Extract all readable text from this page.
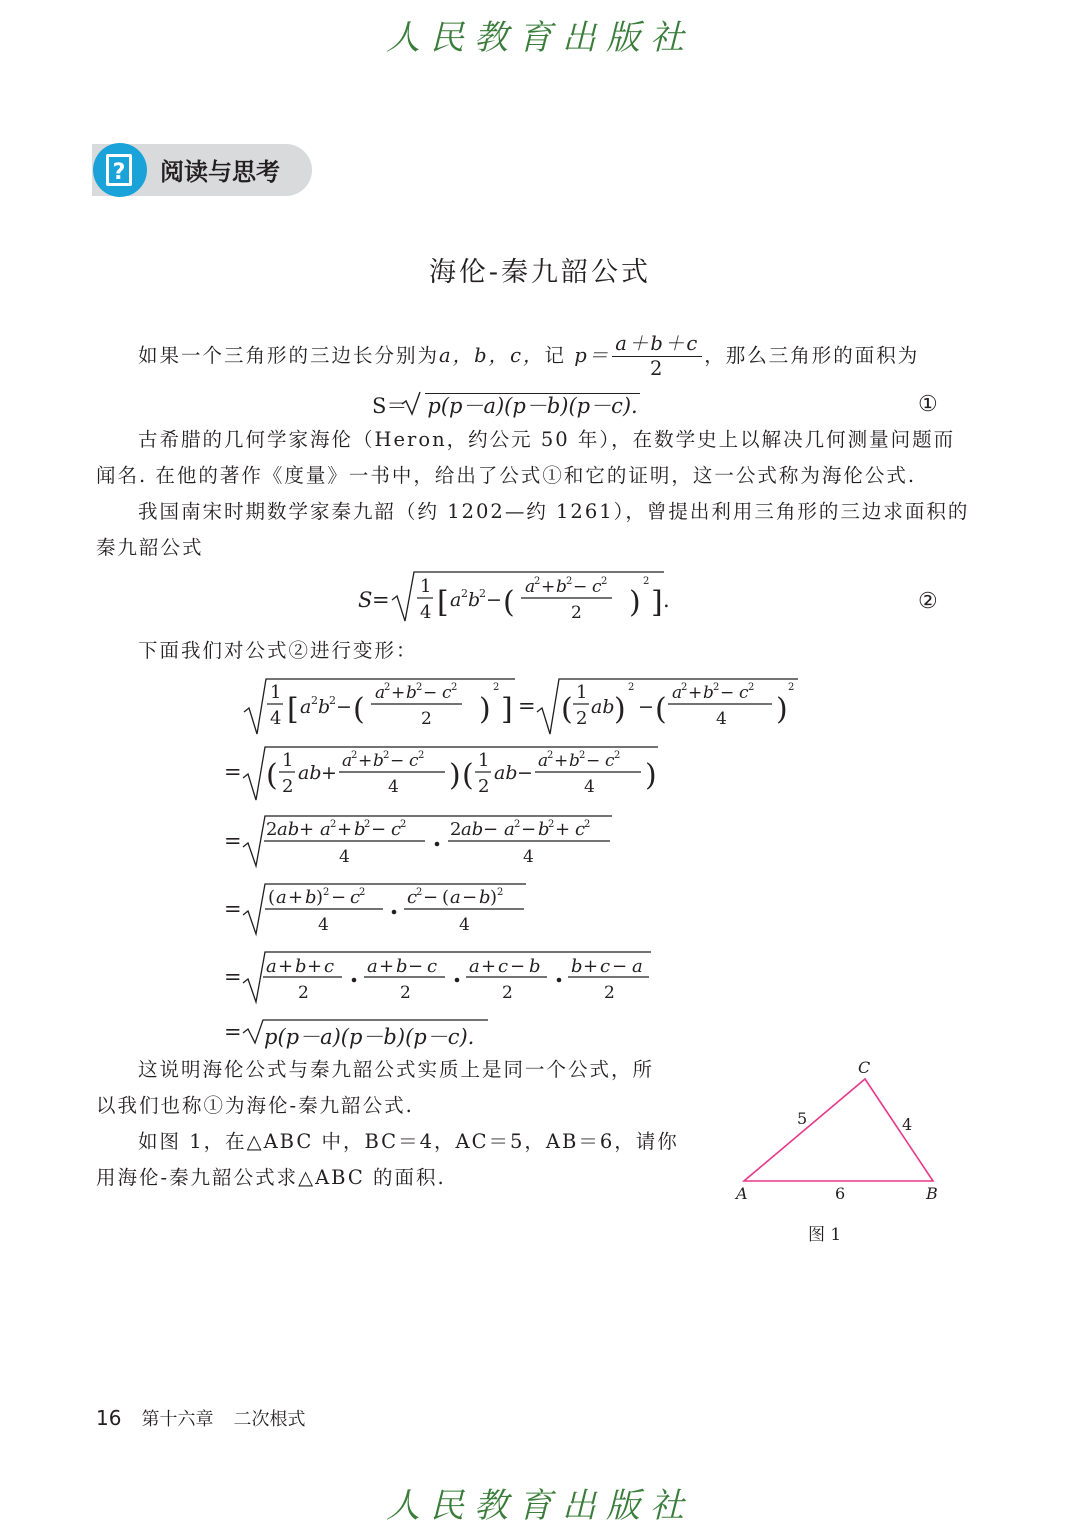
人民教育出版社
? 阅读与思考
海伦-秦九韶公式
如果一个三角形的三边长分别为a，b，c，记 $p= \frac{a+b+c}{2}$ ，那么三角形的面积为
S＝ p(p－a)(p－b)(p－c).	①
古希腊的几何学家海伦（Heron，约公元 50 年），在数学史上以解决几何测量问题而
闻名. 在他的著作《度量》一书中，给出了公式①和它的证明，这一公式称为海伦公式.
我国南宋时期数学家秦九韶（约 1202—约 1261），曾提出利用三角形的三边求面积的
秦九韶公式
S =
1
4 [ a 2 b
2 − ( a
2 + b 2 − c 2
2 )
2
] .
1
4 [ a 2 b
2 − ( a
2 + b 2 − c 2
2 )
2
] = ( 1
2
ab )
2
− ( a
2 + b 2 − c 2
4 )
2
= ( 1
2
ab +
a
2 + b 2 − c 2
4 ) ( 1
2
ab −
a
2 + b 2 − c 2
4 )
= 2 ab + a 2 + b
2 − c
2
4
2 ab − a 2 − b
2 + c
2
4
= ( a + b ) 2 − c
2
4
c
2 − ( a − b ) 2
4
= a + b + c
2
a + b − c
2
a + c − b
2
b + c − a
2
=
②
下面我们对公式②进行变形：
p(p－a)(p－b)(p－c).
这说明海伦公式与秦九韶公式实质上是同一个公式，所
以我们也称①为海伦-秦九韶公式.
如图 1，在△ABC 中，BC＝4，AC＝5，AB＝6，请你
用海伦-秦九韶公式求△ABC 的面积.
A	B
C
5	4
6
图 1
16 第十六章 二次根式
人民教育出版社
